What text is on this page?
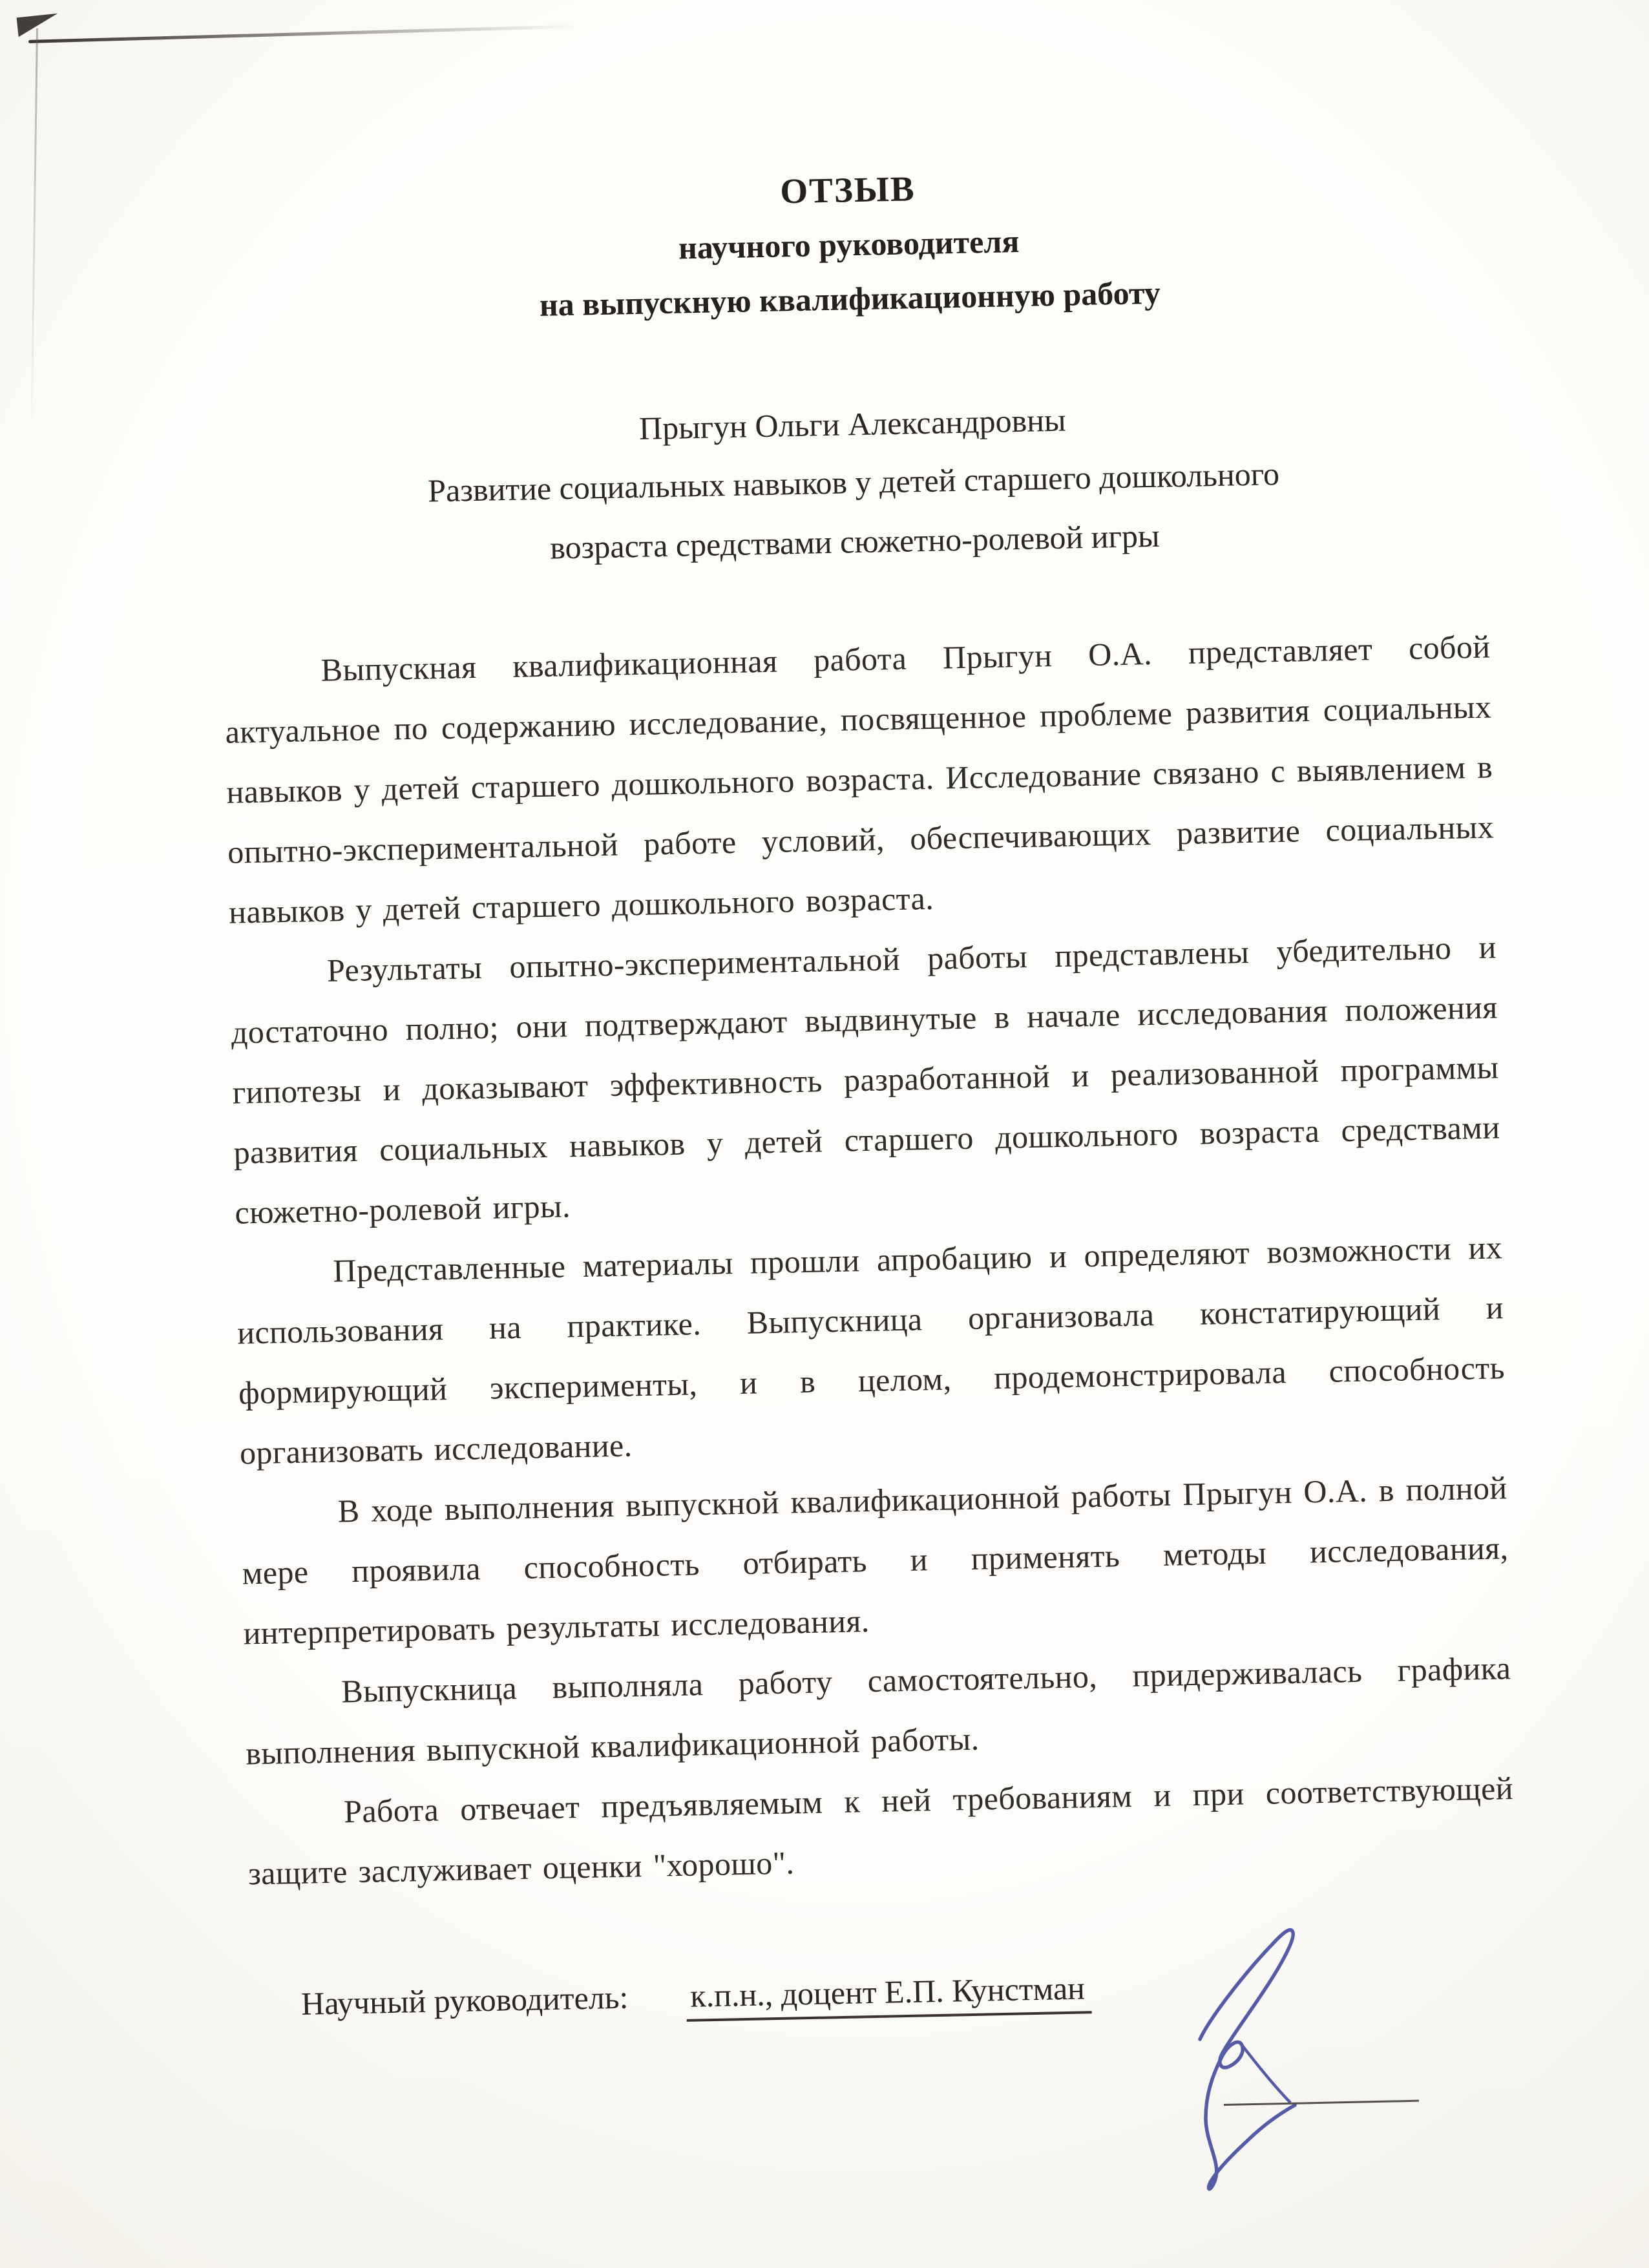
ОТЗЫВ
научного руководителя
на выпускную квалификационную работу
Прыгун Ольги Александровны
Развитие социальных навыков у детей старшего дошкольного
возраста средствами сюжетно-ролевой игры

Выпускная квалификационная работа Прыгун О.А. представляет собой актуальное по содержанию исследование, посвященное проблеме развития социальных навыков у детей старшего дошкольного возраста. Исследование связано с выявлением в опытно-экспериментальной работе условий, обеспечивающих развитие социальных навыков у детей старшего дошкольного возраста.

Результаты опытно-экспериментальной работы представлены убедительно и достаточно полно; они подтверждают выдвинутые в начале исследования положения гипотезы и доказывают эффективность разработанной и реализованной программы развития социальных навыков у детей старшего дошкольного возраста средствами сюжетно-ролевой игры.

Представленные материалы прошли апробацию и определяют возможности их использования на практике. Выпускница организовала констатирующий и формирующий эксперименты, и в целом, продемонстрировала способность организовать исследование.

В ходе выполнения выпускной квалификационной работы Прыгун О.А. в полной мере проявила способность отбирать и применять методы исследования, интерпретировать результаты исследования.

Выпускница выполняла работу самостоятельно, придерживалась графика выполнения выпускной квалификационной работы.

Работа отвечает предъявляемым к ней требованиям и при соответствующей защите заслуживает оценки "хорошо".

Научный руководитель: к.п.н., доцент Е.П. Кунстман
